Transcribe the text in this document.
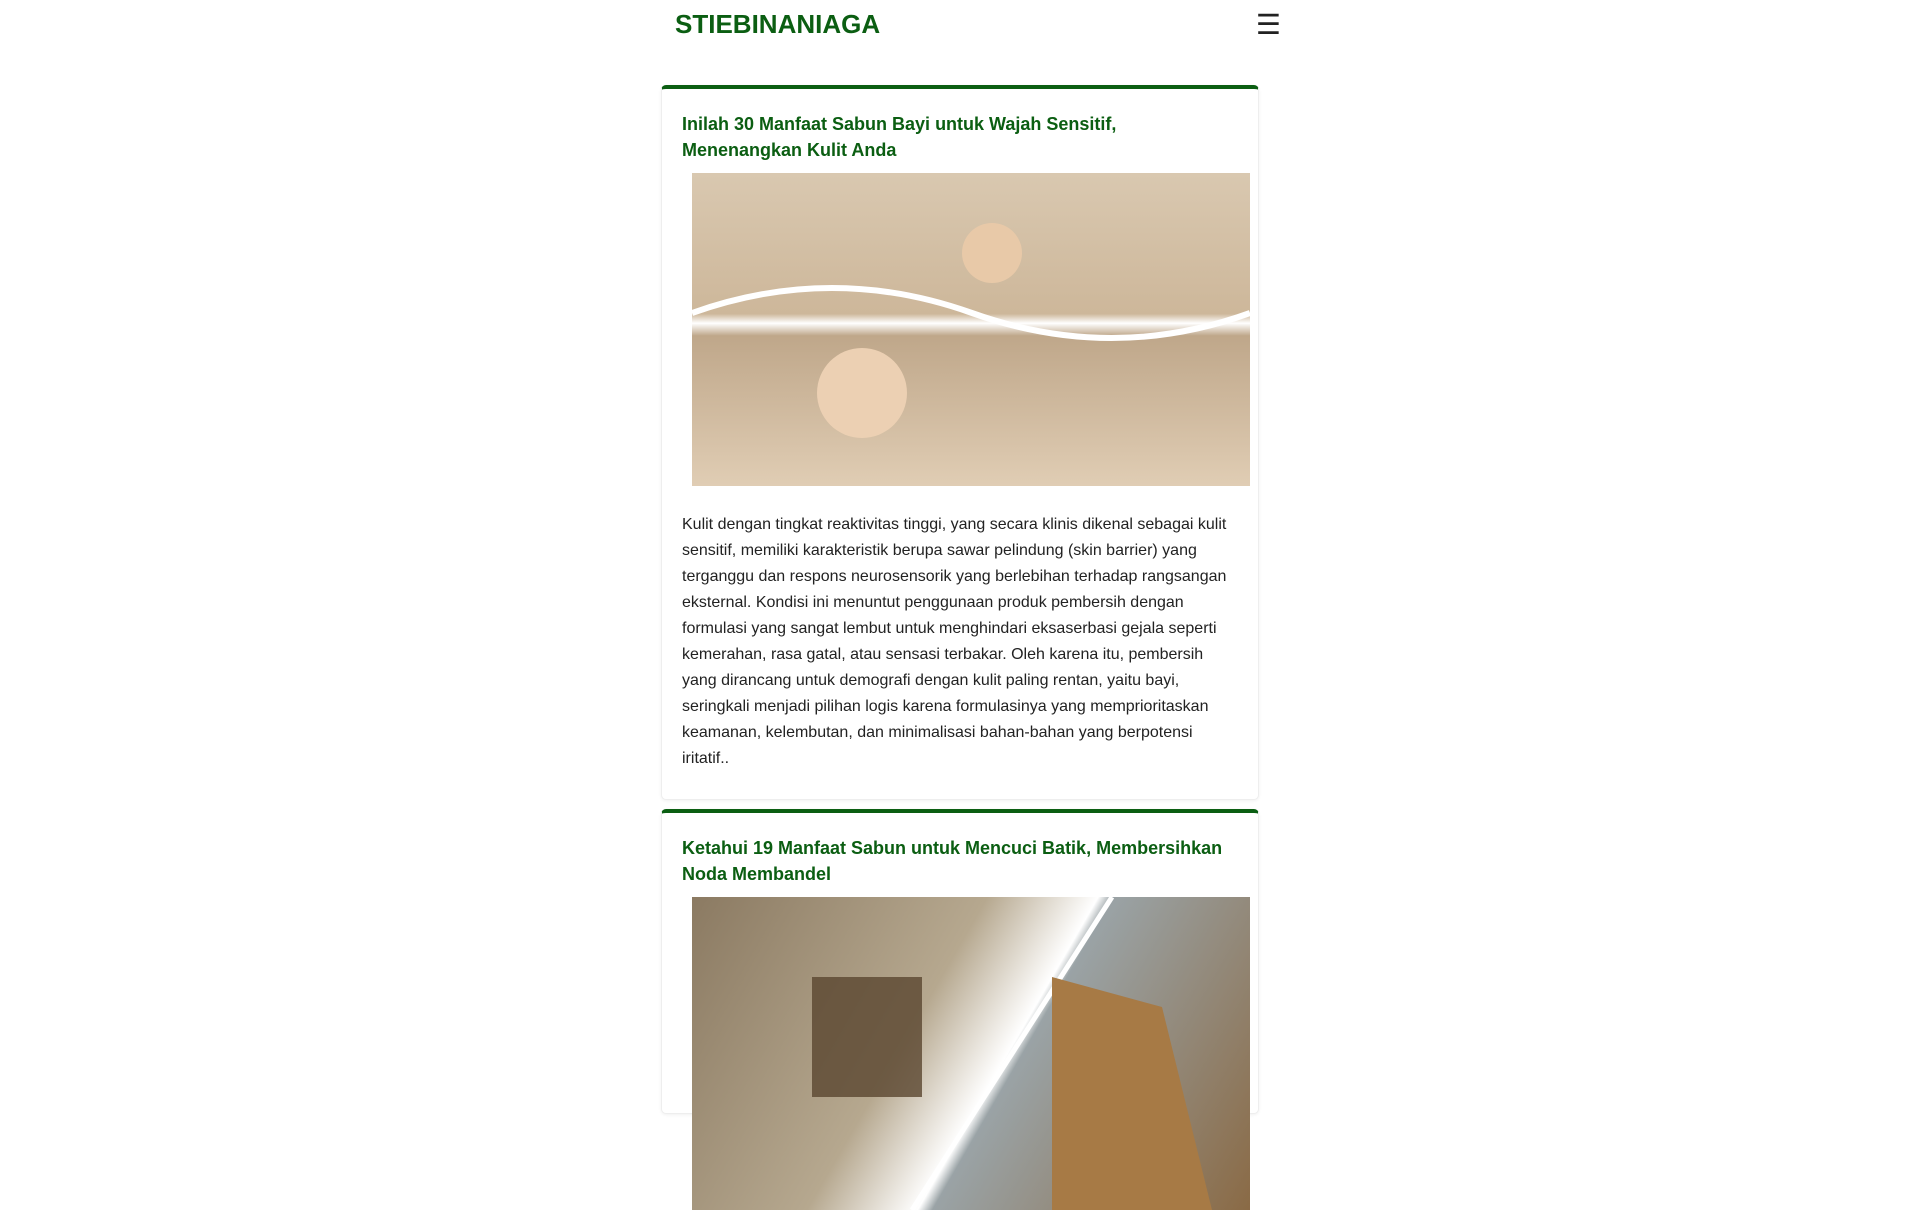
STIEBINANIAGA	☰
Inilah 30 Manfaat Sabun Bayi untuk Wajah Sensitif, Menenangkan Kulit Anda

Kulit dengan tingkat reaktivitas tinggi, yang secara klinis dikenal sebagai kulit sensitif, memiliki karakteristik berupa sawar pelindung (skin barrier) yang terganggu dan respons neurosensorik yang berlebihan terhadap rangsangan eksternal. Kondisi ini menuntut penggunaan produk pembersih dengan formulasi yang sangat lembut untuk menghindari eksaserbasi gejala seperti kemerahan, rasa gatal, atau sensasi terbakar. Oleh karena itu, pembersih yang dirancang untuk demografi dengan kulit paling rentan, yaitu bayi, seringkali menjadi pilihan logis karena formulasinya yang memprioritaskan keamanan, kelembutan, dan minimalisasi bahan-bahan yang berpotensi iritatif..

Ketahui 19 Manfaat Sabun untuk Mencuci Batik, Membersihkan Noda Membandel
